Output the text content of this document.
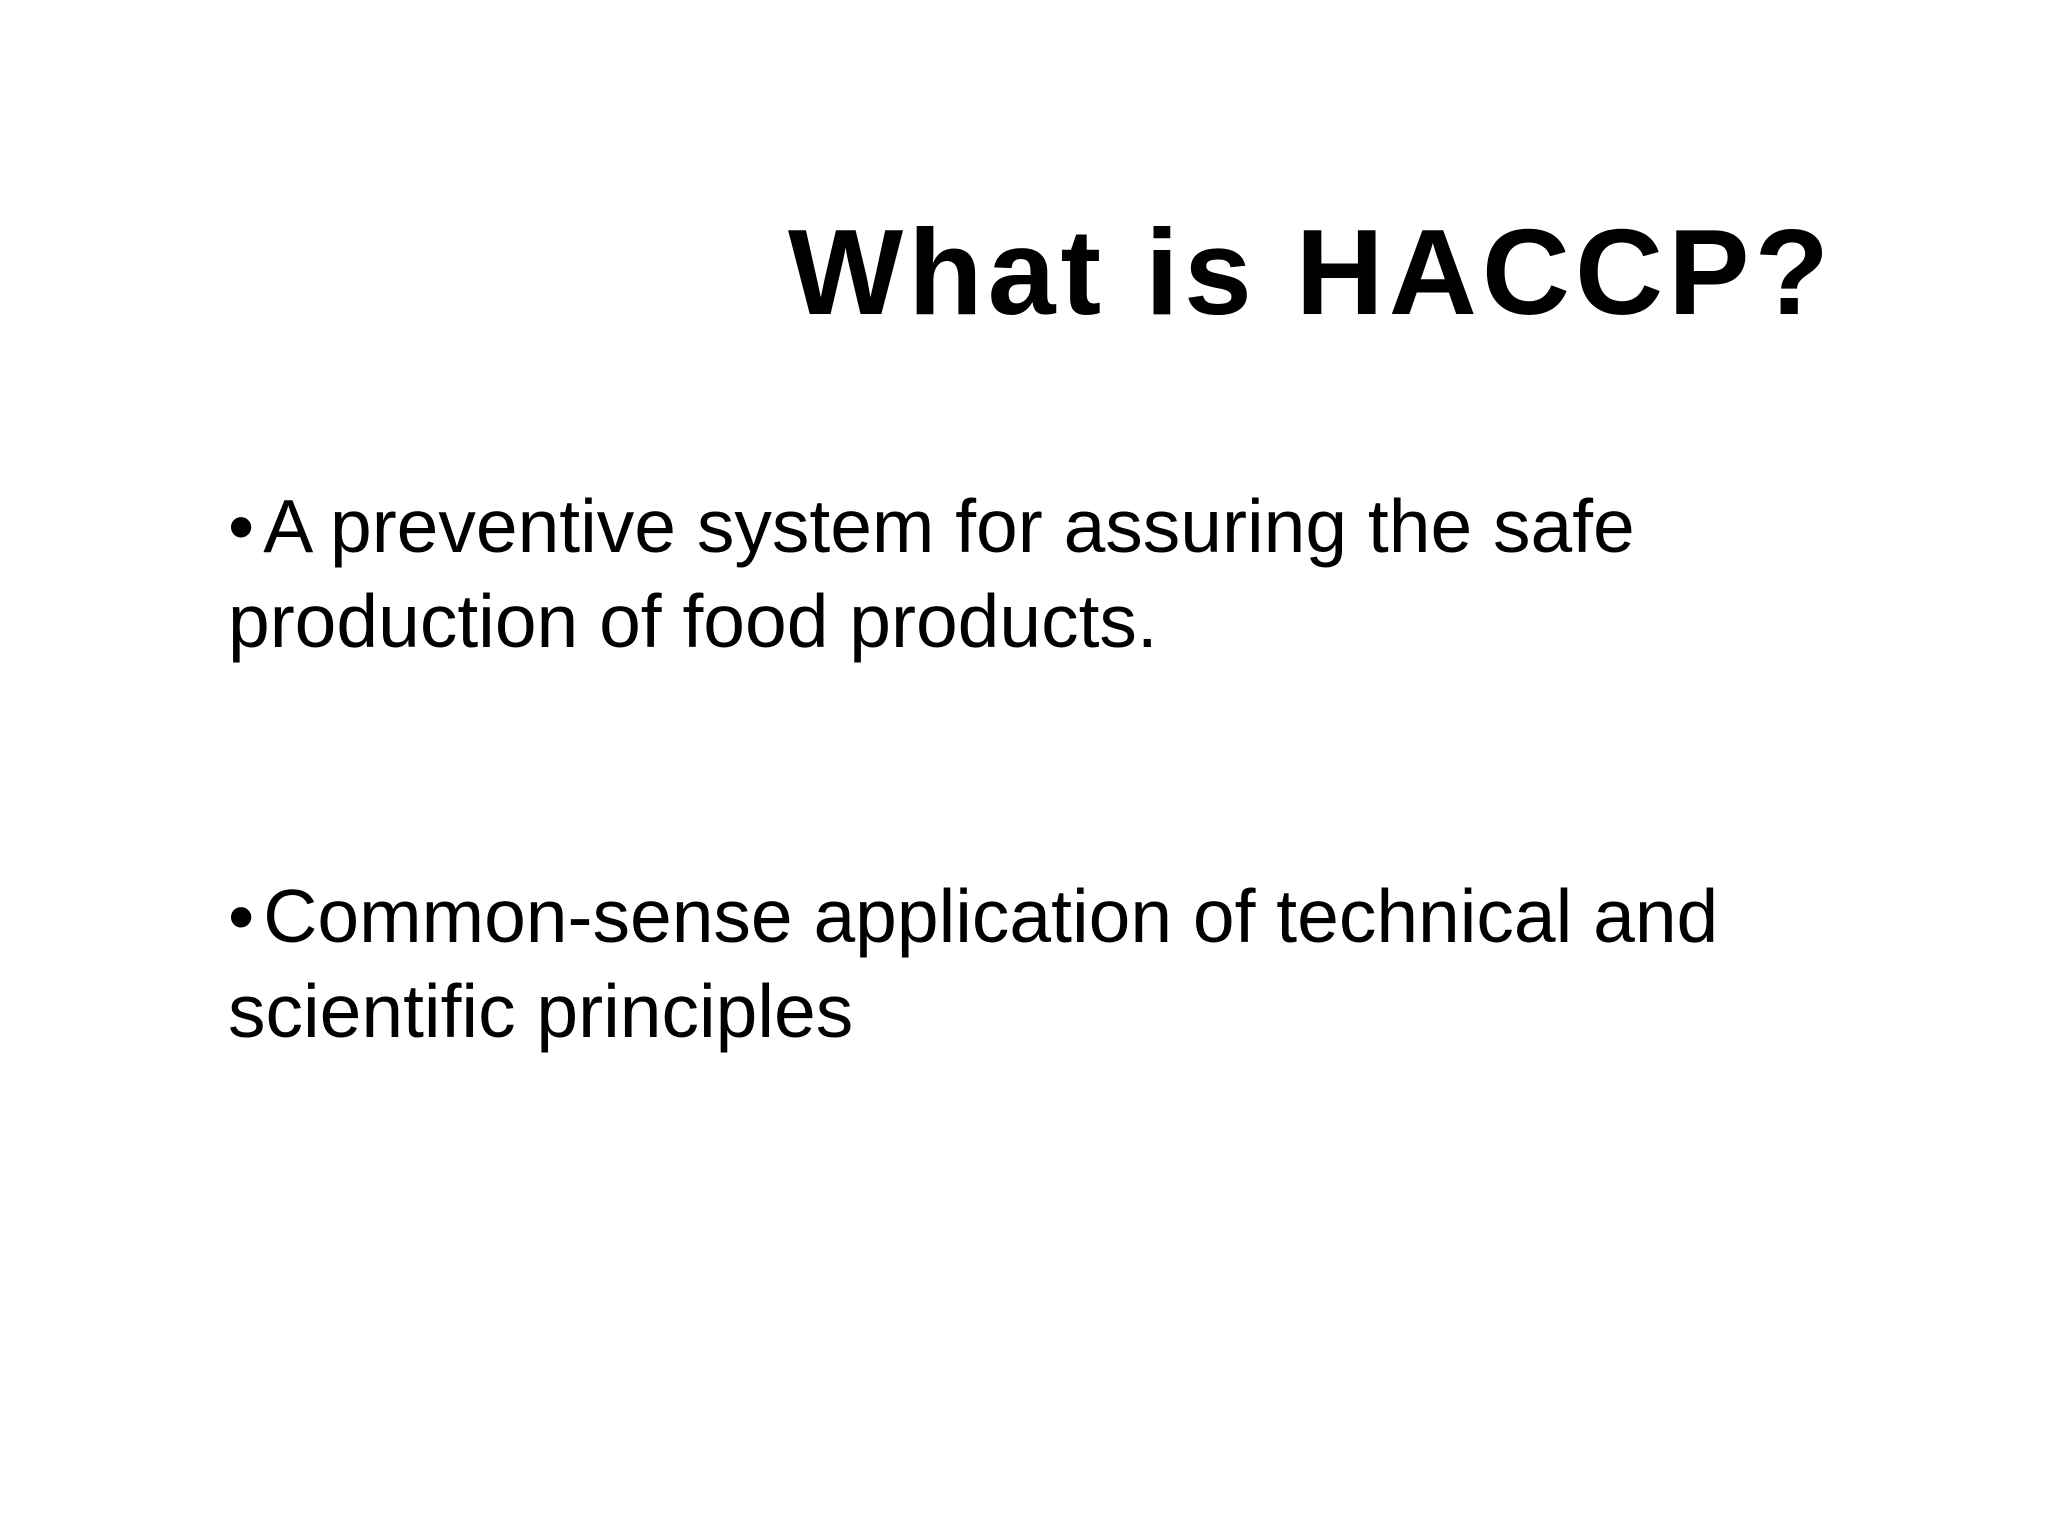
What is HACCP?
• A preventive system for assuring the safe production of food products.
• Common-sense application of technical and scientific principles
